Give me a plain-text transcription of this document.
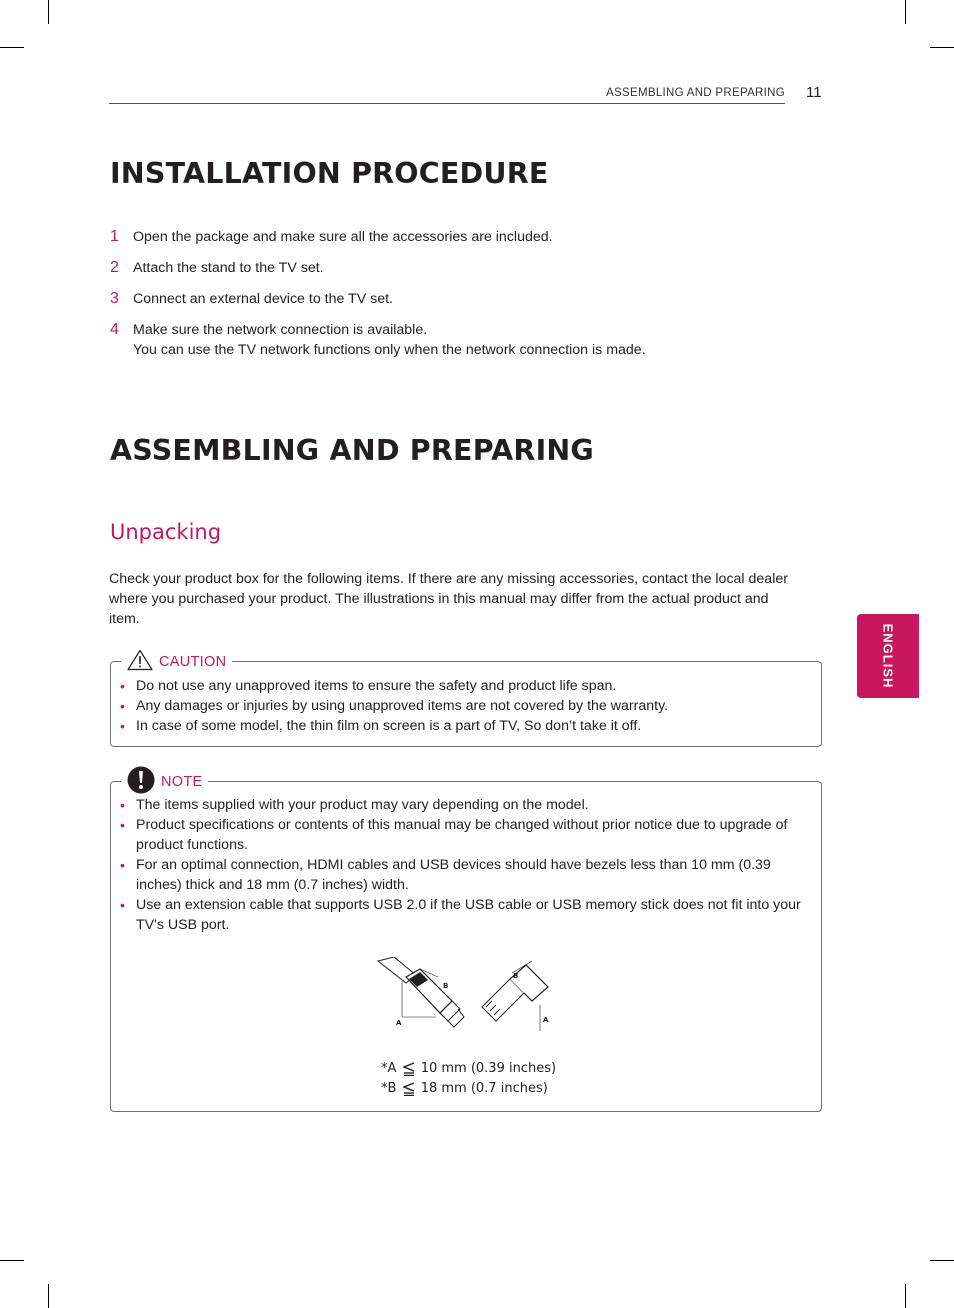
ASSEMBLING AND PREPARING 11
ENGLISH
INSTALLATION PROCEDURE
1 Open the package and make sure all the accessories are included.
2 Attach the stand to the TV set.
3 Connect an external device to the TV set.
4 Make sure the network connection is available.
You can use the TV network functions only when the network connection is made.
ASSEMBLING AND PREPARING
Unpacking
Check your product box for the following items. If there are any missing accessories, contact the local dealer where you purchased your product. The illustrations in this manual may differ from the actual product and item.
CAUTION
• Do not use any unapproved items to ensure the safety and product life span.
• Any damages or injuries by using unapproved items are not covered by the warranty.
• In case of some model, the thin film on screen is a part of TV, So don’t take it off.
NOTE
• The items supplied with your product may vary depending on the model.
• Product specifications or contents of this manual may be changed without prior notice due to upgrade of product functions.
• For an optimal connection, HDMI cables and USB devices should have bezels less than 10 mm (0.39 inches) thick and 18 mm (0.7 inches) width.
• Use an extension cable that supports USB 2.0 if the USB cable or USB memory stick does not fit into your TV's USB port.
A
B
B
A
*A 10 mm (0.39 inches)
*B 18 mm (0.7 inches)
